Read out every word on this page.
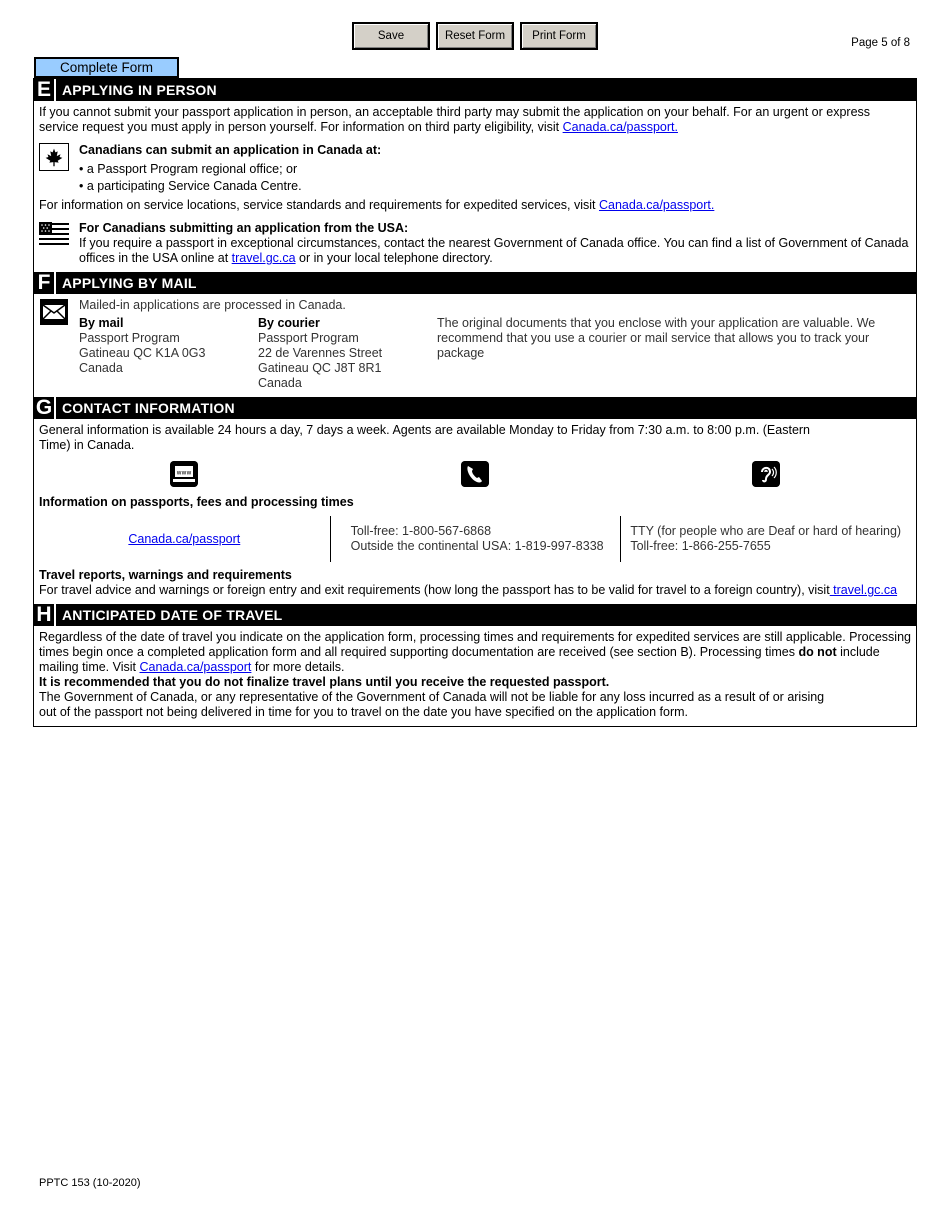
Save	Reset Form	Print Form
Page 5 of 8
Complete Form
E APPLYING IN PERSON
If you cannot submit your passport application in person, an acceptable third party may submit the application on your behalf. For an urgent or express service request you must apply in person yourself. For information on third party eligibility, visit Canada.ca/passport.
Canadians can submit an application in Canada at:
• a Passport Program regional office; or
• a participating Service Canada Centre.
For information on service locations, service standards and requirements for expedited services, visit Canada.ca/passport.
For Canadians submitting an application from the USA:
If you require a passport in exceptional circumstances, contact the nearest Government of Canada office. You can find a list of Government of Canada offices in the USA online at travel.gc.ca or in your local telephone directory.
F APPLYING BY MAIL
Mailed-in applications are processed in Canada.
By mail
Passport Program
Gatineau QC K1A 0G3
Canada
By courier
Passport Program
22 de Varennes Street
Gatineau QC J8T 8R1
Canada
The original documents that you enclose with your application are valuable. We recommend that you use a courier or mail service that allows you to track your package
G CONTACT INFORMATION
General information is available 24 hours a day, 7 days a week. Agents are available Monday to Friday from 7:30 a.m. to 8:00 p.m. (Eastern Time) in Canada.
www
Information on passports, fees and processing times
Canada.ca/passport
Toll-free: 1-800-567-6868
Outside the continental USA: 1-819-997-8338
TTY (for people who are Deaf or hard of hearing)
Toll-free: 1-866-255-7655
Travel reports, warnings and requirements
For travel advice and warnings or foreign entry and exit requirements (how long the passport has to be valid for travel to a foreign country), visit travel.gc.ca
H ANTICIPATED DATE OF TRAVEL
Regardless of the date of travel you indicate on the application form, processing times and requirements for expedited services are still applicable. Processing times begin once a completed application form and all required supporting documentation are received (see section B). Processing times do not include mailing time. Visit Canada.ca/passport for more details.
It is recommended that you do not finalize travel plans until you receive the requested passport.
The Government of Canada, or any representative of the Government of Canada will not be liable for any loss incurred as a result of or arising
out of the passport not being delivered in time for you to travel on the date you have specified on the application form.
PPTC 153 (10-2020)
